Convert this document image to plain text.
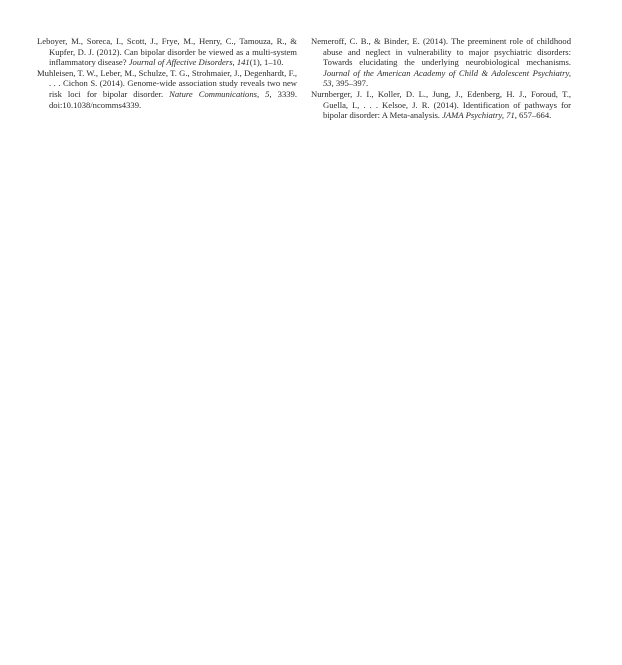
Leboyer, M., Soreca, I., Scott, J., Frye, M., Henry, C., Tamouza, R., & Kupfer, D. J. (2012). Can bipolar disorder be viewed as a multi-system inflammatory disease? Journal of Affective Disorders, 141(1), 1–10.

Muhleisen, T. W., Leber, M., Schulze, T. G., Strohmaier, J., Degenhardt, F., . . . Cichon S. (2014). Genome-wide association study reveals two new risk loci for bipolar disorder. Nature Communications, 5, 3339. doi:10.1038/ncomms4339.

Nemeroff, C. B., & Binder, E. (2014). The preeminent role of childhood abuse and neglect in vulnerability to major psychiatric disorders: Towards elucidating the underlying neurobiological mechanisms. Journal of the American Academy of Child & Adolescent Psychiatry, 53, 395–397.

Nurnberger, J. I., Koller, D. L., Jung, J., Edenberg, H. J., Foroud, T., Guella, I., . . . Kelsoe, J. R. (2014). Identification of pathways for bipolar disorder: A Meta-analysis. JAMA Psychiatry, 71, 657–664.
